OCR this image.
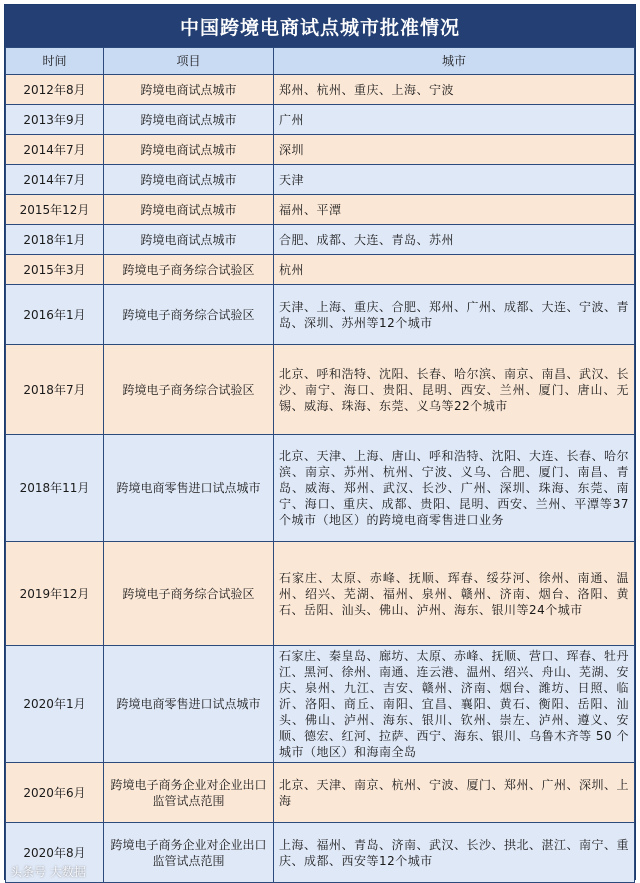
中国跨境电商试点城市批准情况
时间	项目	城市
2012年8月	跨境电商试点城市	郑州、杭州、重庆、上海、宁波
2013年9月	跨境电商试点城市	广州
2014年7月	跨境电商试点城市	深圳
2014年7月	跨境电商试点城市	天津
2015年12月	跨境电商试点城市	福州、平潭
2018年1月	跨境电商试点城市	合肥、成都、大连、青岛、苏州
2015年3月	跨境电子商务综合试验区	杭州
2016年1月	跨境电子商务综合试验区	天津、上海、重庆、合肥、郑州、广州、成都、大连、宁波、青岛、深圳、苏州等12个城市
2018年7月	跨境电子商务综合试验区	北京、呼和浩特、沈阳、长春、哈尔滨、南京、南昌、武汉、长沙、南宁、海口、贵阳、昆明、西安、兰州、厦门、唐山、无锡、威海、珠海、东莞、义乌等22个城市
2018年11月	跨境电商零售进口试点城市	北京、天津、上海、唐山、呼和浩特、沈阳、大连、长春、哈尔滨、南京、苏州、杭州、宁波、义乌、合肥、厦门、南昌、青岛、威海、郑州、武汉、长沙、广州、深圳、珠海、东莞、南宁、海口、重庆、成都、贵阳、昆明、西安、兰州、平潭等37个城市（地区）的跨境电商零售进口业务
2019年12月	跨境电子商务综合试验区	石家庄、太原、赤峰、抚顺、珲春、绥芬河、徐州、南通、温州、绍兴、芜湖、福州、泉州、赣州、济南、烟台、洛阳、黄石、岳阳、汕头、佛山、泸州、海东、银川等24个城市
2020年1月	跨境电商零售进口试点城市	石家庄、秦皇岛、廊坊、太原、赤峰、抚顺、营口、珲春、牡丹江、黑河、徐州、南通、连云港、温州、绍兴、舟山、芜湖、安庆、泉州、九江、吉安、赣州、济南、烟台、潍坊、日照、临沂、洛阳、商丘、南阳、宜昌、襄阳、黄石、衡阳、岳阳、汕头、佛山、泸州、海东、银川、钦州、崇左、泸州、遵义、安顺、德宏、红河、拉萨、西宁、海东、银川、乌鲁木齐等 50 个城市（地区）和海南全岛
2020年6月	跨境电子商务企业对企业出口监管试点范围	北京、天津、南京、杭州、宁波、厦门、郑州、广州、深圳、上海
2020年8月	跨境电子商务企业对企业出口监管试点范围	上海、福州、青岛、济南、武汉、长沙、拱北、湛江、南宁、重庆、成都、西安等12个城市
头条号 大数据
